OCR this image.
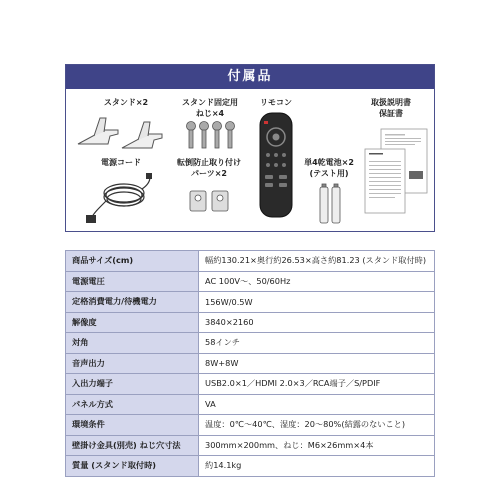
付属品
スタンド×2	スタンド固定用
ねじ×4
リモコン	取扱説明書
保証書
電源コード	転倒防止取り付け
パーツ×2
単4乾電池×2
(テスト用)
商品サイズ(cm)	幅約130.21×奥行約26.53×高さ約81.23 (スタンド取付時)
電源電圧	AC 100V〜、50/60Hz
定格消費電力/待機電力	156W/0.5W
解像度	3840×2160
対角	58インチ
音声出力	8W+8W
入出力端子	USB2.0×1／HDMI 2.0×3／RCA端子／S/PDIF
パネル方式	VA
環境条件	温度：0℃〜40℃、湿度：20〜80%(結露のないこと)
壁掛け金具(別売) ねじ穴寸法	300mm×200mm、ねじ：M6×26mm×4本
質量 (スタンド取付時)	約14.1kg
